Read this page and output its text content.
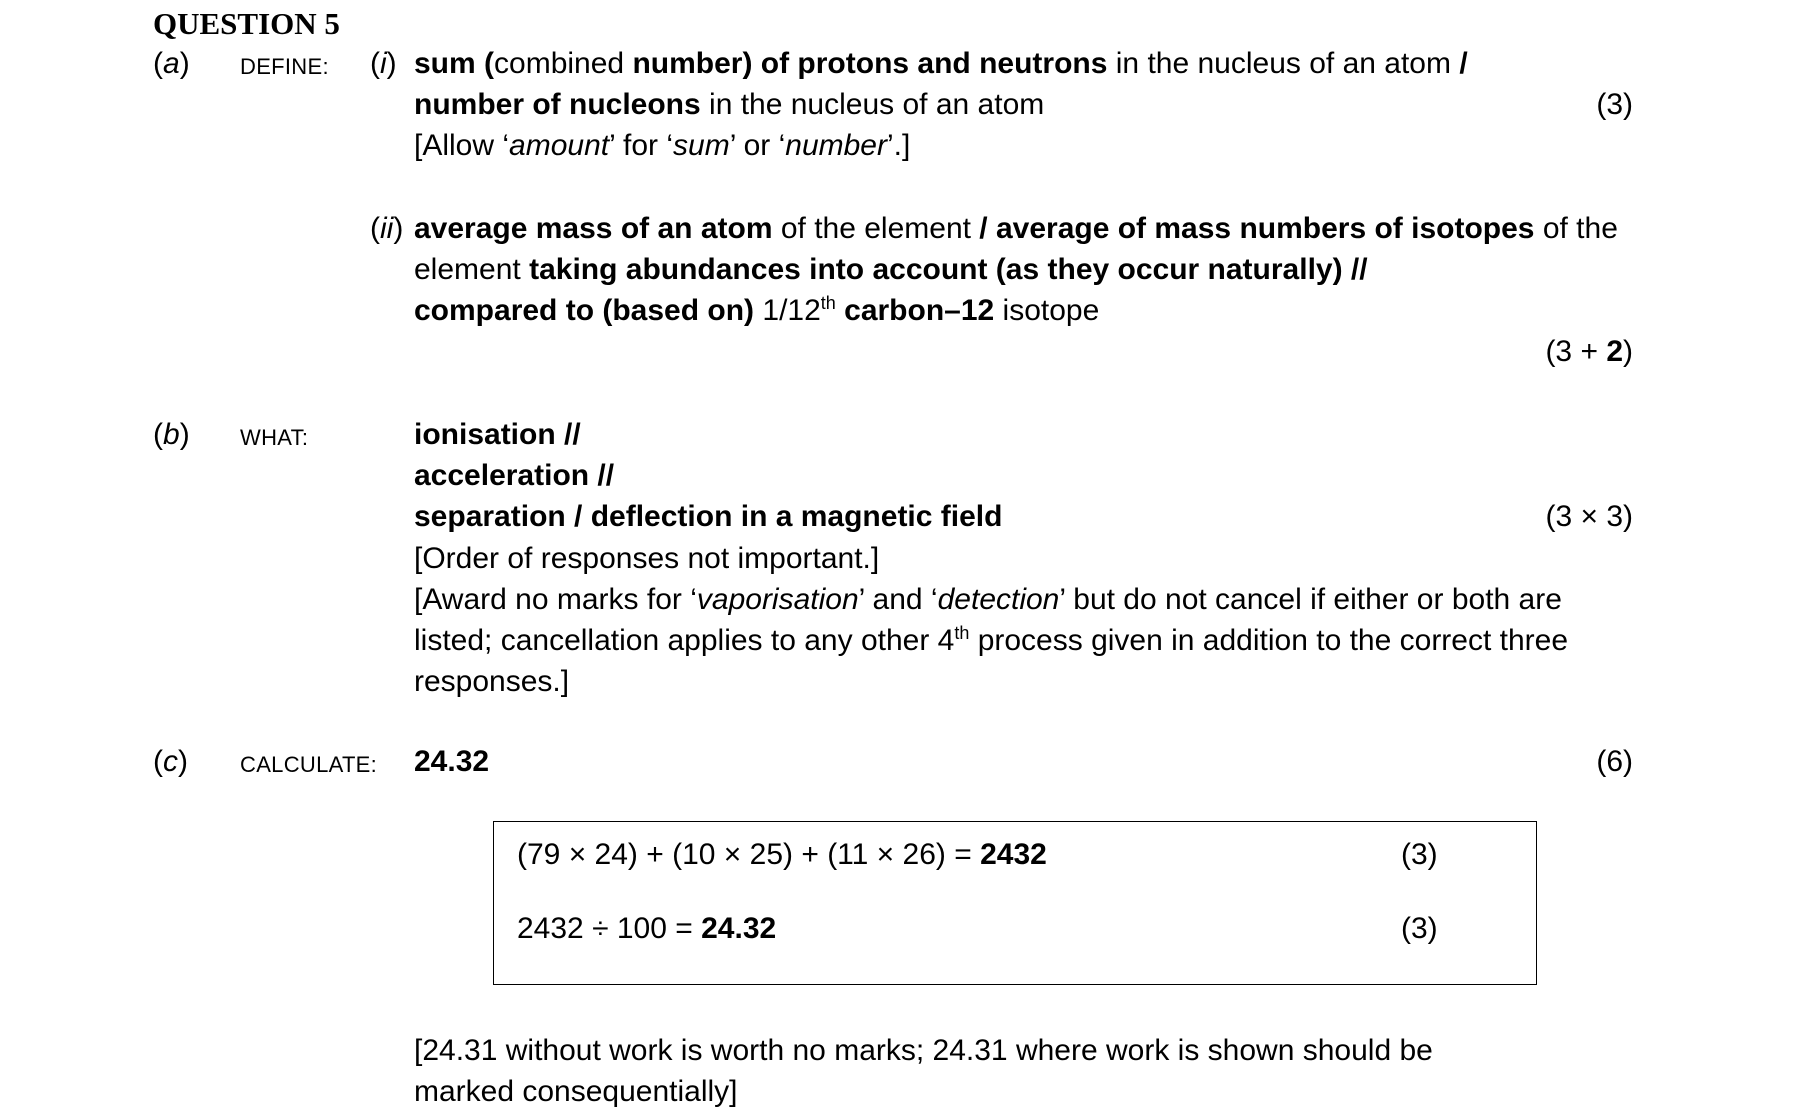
QUESTION 5
(a) DEFINE: (i) sum (combined number) of protons and neutrons in the nucleus of an atom /
number of nucleons in the nucleus of an atom	(3)
[Allow ‘amount’ for ‘sum’ or ‘number’.]
(ii) average mass of an atom of the element / average of mass numbers of isotopes of the
element taking abundances into account (as they occur naturally) //
compared to (based on) 1/12th carbon–12 isotope
(3 + 2)
(b) WHAT:	ionisation //
acceleration //
separation / deflection in a magnetic field	(3 × 3)
[Order of responses not important.]
[Award no marks for ‘vaporisation’ and ‘detection’ but do not cancel if either or both are
listed; cancellation applies to any other 4th process given in addition to the correct three
responses.]
(c) CALCULATE: 24.32	(6)
(79 × 24) + (10 × 25) + (11 × 26) = 2432	(3)
2432 ÷ 100 = 24.32	(3)
[24.31 without work is worth no marks; 24.31 where work is shown should be
marked consequentially]
